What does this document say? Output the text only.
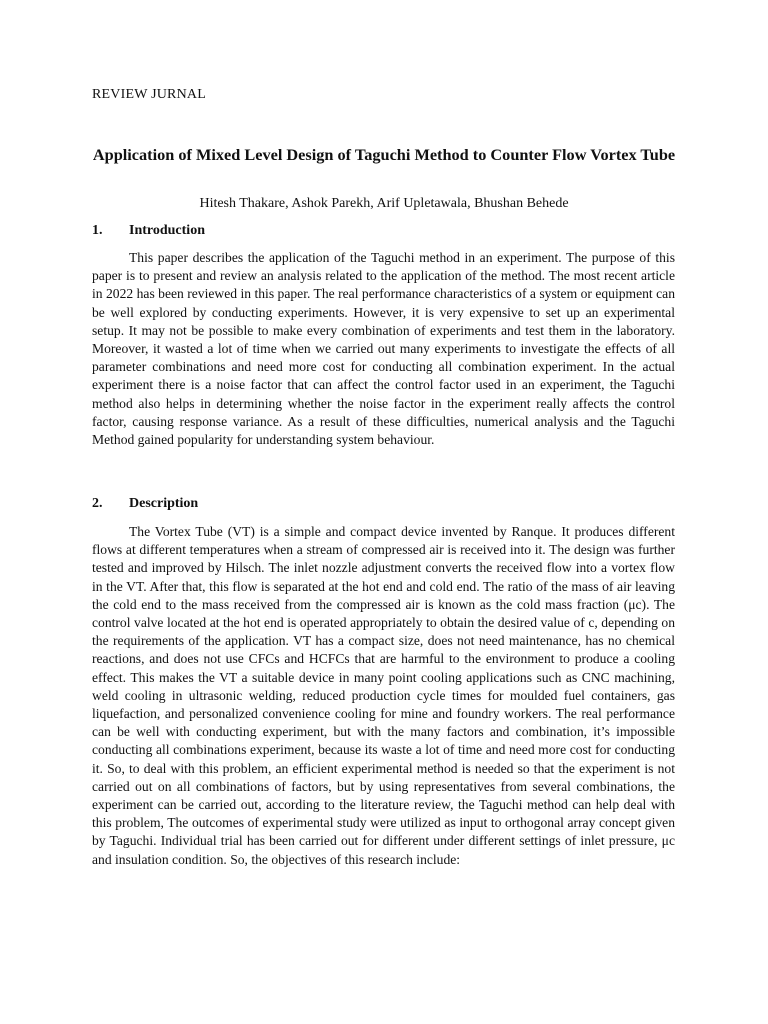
REVIEW JURNAL
Application of Mixed Level Design of Taguchi Method to Counter Flow Vortex Tube
Hitesh Thakare, Ashok Parekh, Arif Upletawala, Bhushan Behede
1. Introduction

This paper describes the application of the Taguchi method in an experiment. The purpose of this paper is to present and review an analysis related to the application of the method. The most recent article in 2022 has been reviewed in this paper. The real performance characteristics of a system or equipment can be well explored by conducting experiments. However, it is very expensive to set up an experimental setup. It may not be possible to make every combination of experiments and test them in the laboratory. Moreover, it wasted a lot of time when we carried out many experiments to investigate the effects of all parameter combinations and need more cost for conducting all combination experiment. In the actual experiment there is a noise factor that can affect the control factor used in an experiment, the Taguchi method also helps in determining whether the noise factor in the experiment really affects the control factor, causing response variance. As a result of these difficulties, numerical analysis and the Taguchi Method gained popularity for understanding system behaviour.

2. Description

The Vortex Tube (VT) is a simple and compact device invented by Ranque. It produces different flows at different temperatures when a stream of compressed air is received into it. The design was further tested and improved by Hilsch. The inlet nozzle adjustment converts the received flow into a vortex flow in the VT. After that, this flow is separated at the hot end and cold end. The ratio of the mass of air leaving the cold end to the mass received from the compressed air is known as the cold mass fraction (μc). The control valve located at the hot end is operated appropriately to obtain the desired value of c, depending on the requirements of the application. VT has a compact size, does not need maintenance, has no chemical reactions, and does not use CFCs and HCFCs that are harmful to the environment to produce a cooling effect. This makes the VT a suitable device in many point cooling applications such as CNC machining, weld cooling in ultrasonic welding, reduced production cycle times for moulded fuel containers, gas liquefaction, and personalized convenience cooling for mine and foundry workers. The real performance can be well with conducting experiment, but with the many factors and combination, it’s impossible conducting all combinations experiment, because its waste a lot of time and need more cost for conducting it. So, to deal with this problem, an efficient experimental method is needed so that the experiment is not carried out on all combinations of factors, but by using representatives from several combinations, the experiment can be carried out, according to the literature review, the Taguchi method can help deal with this problem, The outcomes of experimental study were utilized as input to orthogonal array concept given by Taguchi. Individual trial has been carried out for different under different settings of inlet pressure, μc and insulation condition. So, the objectives of this research include:
